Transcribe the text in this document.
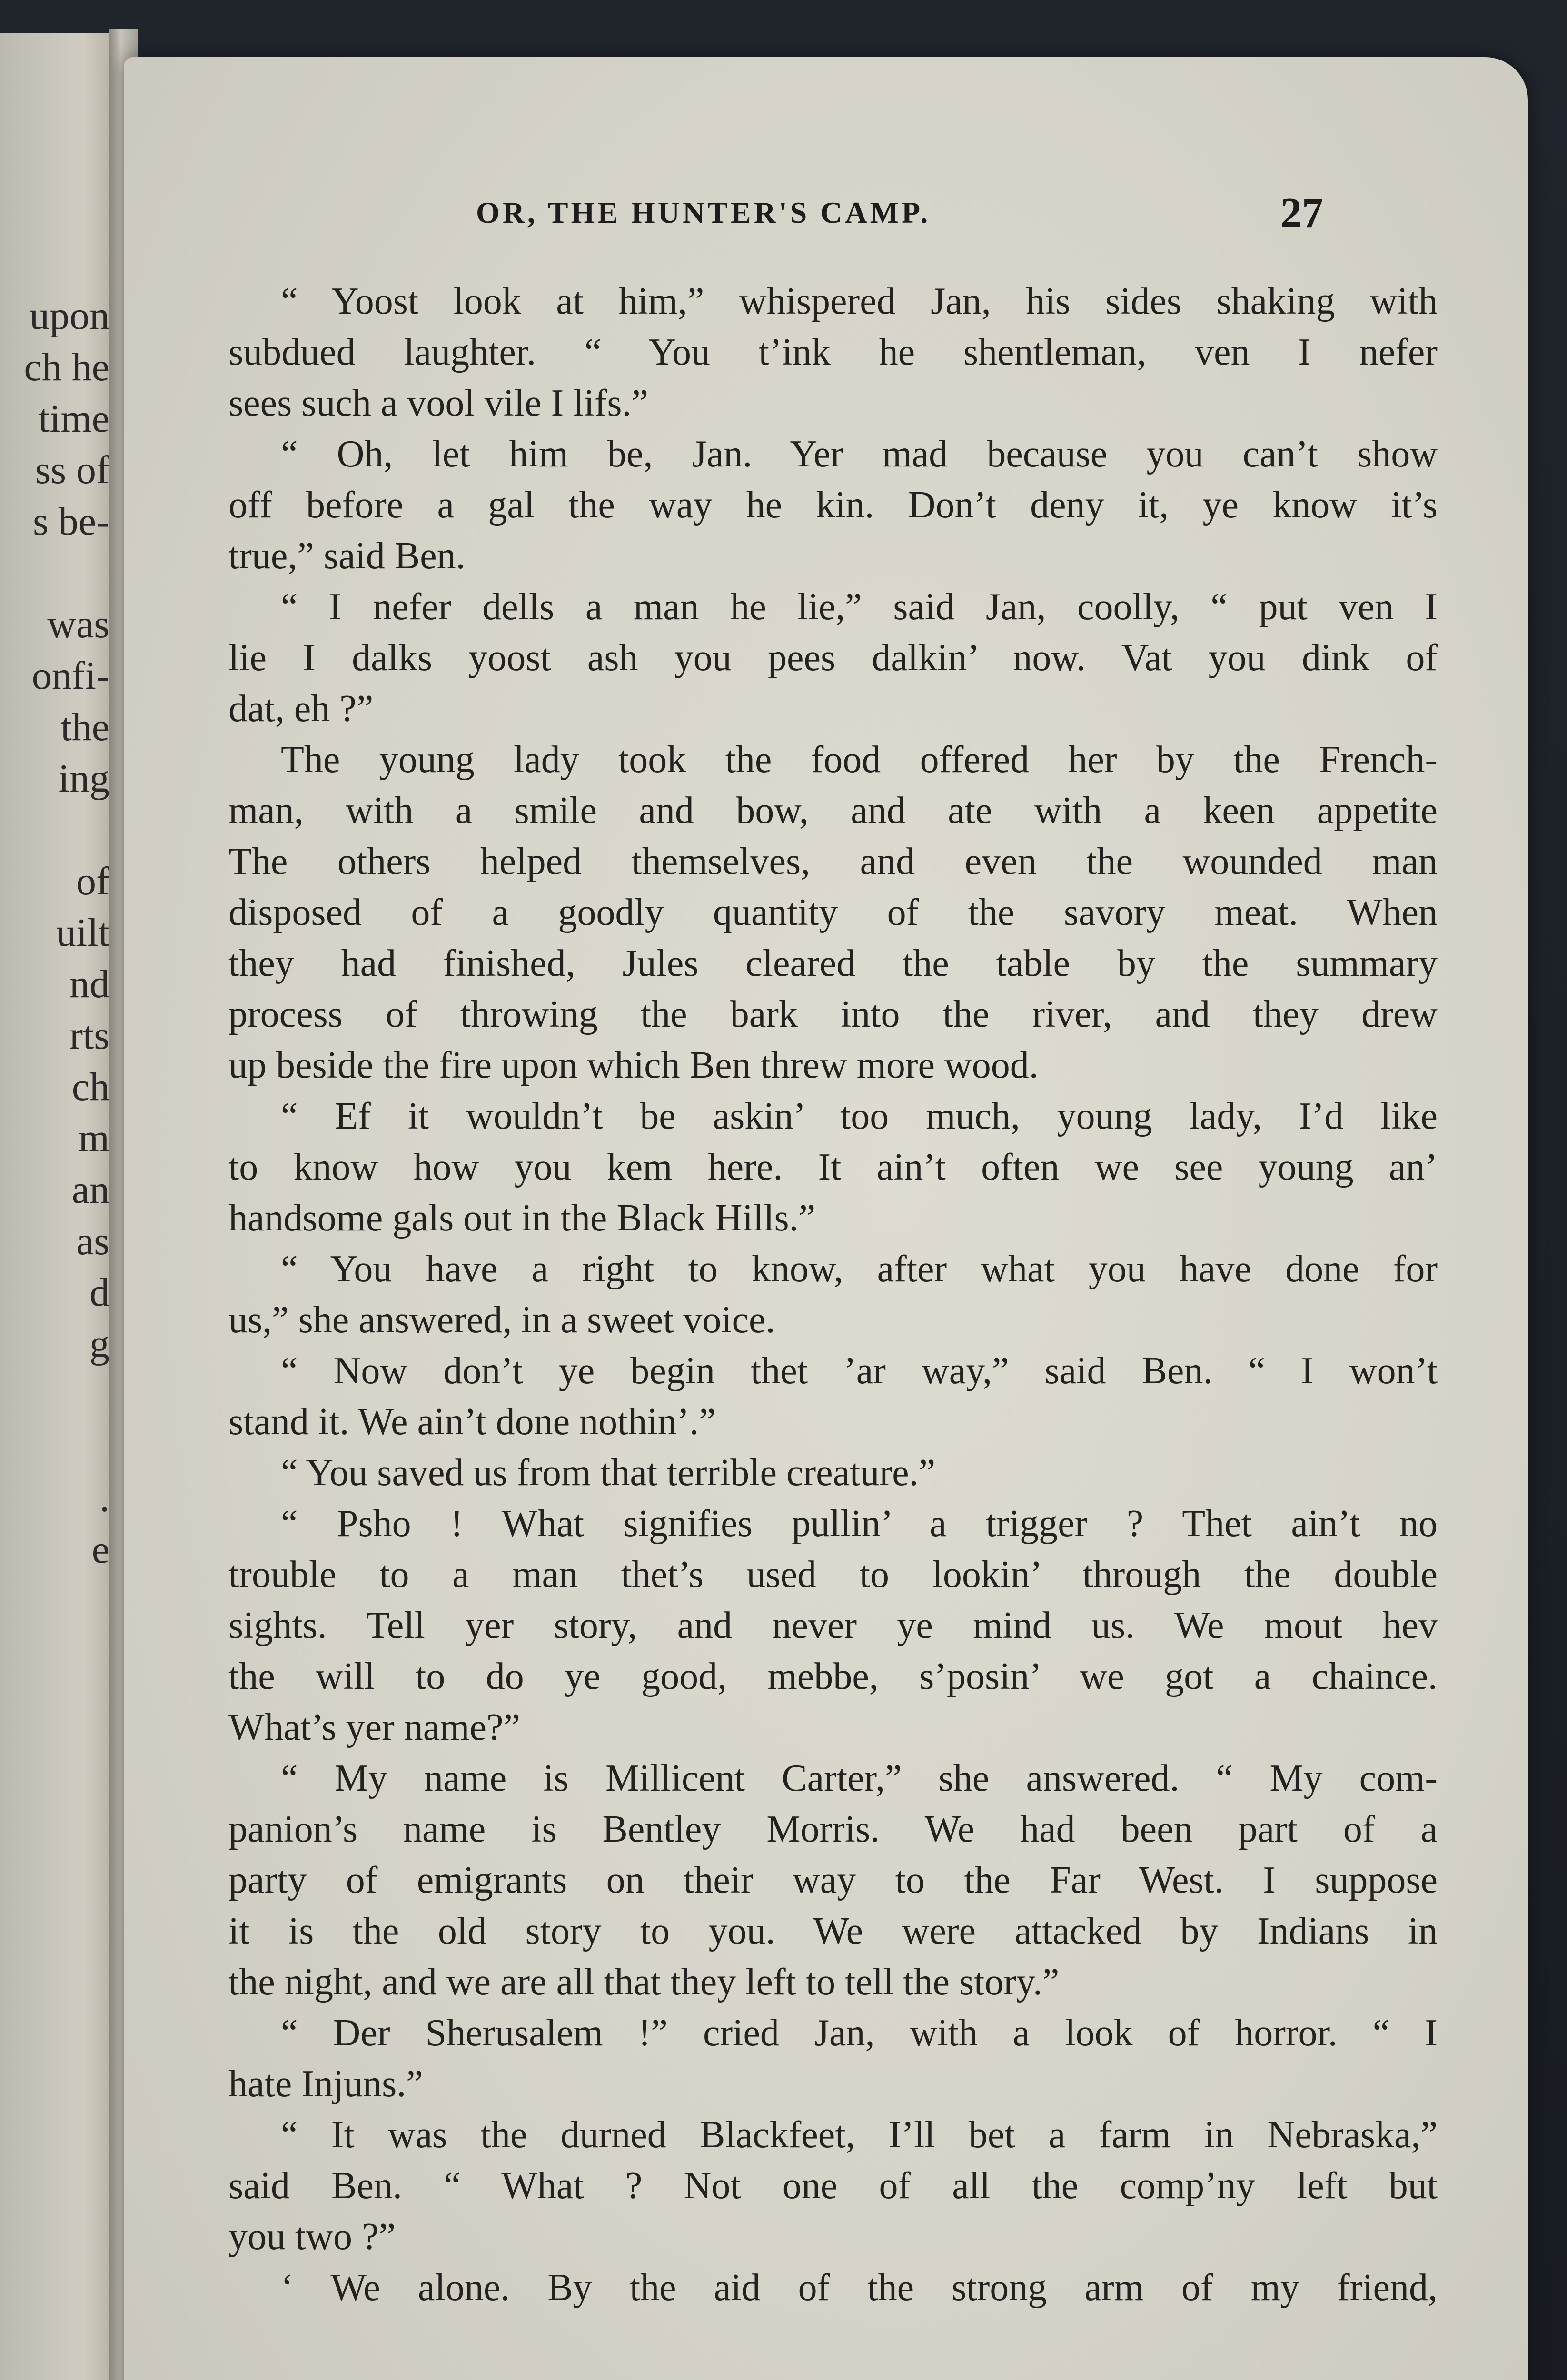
upon
ch he
time
ss of
s be-
was
onfi-
the
ing
of
uilt
nd
rts
ch
m
an
as
d
g
.
e
OR, THE HUNTER'S CAMP.	27
“ Yoost look at him,” whispered Jan, his sides shaking with
subdued laughter. “ You t’ink he shentleman, ven I nefer
sees such a vool vile I lifs.”
“ Oh, let him be, Jan. Yer mad because you can’t show
off before a gal the way he kin. Don’t deny it, ye know it’s
true,” said Ben.
“ I nefer dells a man he lie,” said Jan, coolly, “ put ven I
lie I dalks yoost ash you pees dalkin’ now. Vat you dink of
dat, eh ?”
The young lady took the food offered her by the French-
man, with a smile and bow, and ate with a keen appetite
The others helped themselves, and even the wounded man
disposed of a goodly quantity of the savory meat. When
they had finished, Jules cleared the table by the summary
process of throwing the bark into the river, and they drew
up beside the fire upon which Ben threw more wood.
“ Ef it wouldn’t be askin’ too much, young lady, I’d like
to know how you kem here. It ain’t often we see young an’
handsome gals out in the Black Hills.”
“ You have a right to know, after what you have done for
us,” she answered, in a sweet voice.
“ Now don’t ye begin thet ’ar way,” said Ben. “ I won’t
stand it. We ain’t done nothin’.”
“ You saved us from that terrible creature.”
“ Psho ! What signifies pullin’ a trigger ? Thet ain’t no
trouble to a man thet’s used to lookin’ through the double
sights. Tell yer story, and never ye mind us. We mout hev
the will to do ye good, mebbe, s’posin’ we got a chaince.
What’s yer name?”
“ My name is Millicent Carter,” she answered. “ My com-
panion’s name is Bentley Morris. We had been part of a
party of emigrants on their way to the Far West. I suppose
it is the old story to you. We were attacked by Indians in
the night, and we are all that they left to tell the story.”
“ Der Sherusalem !” cried Jan, with a look of horror. “ I
hate Injuns.”
“ It was the durned Blackfeet, I’ll bet a farm in Nebraska,”
said Ben. “ What ? Not one of all the comp’ny left but
you two ?”
‘ We alone. By the aid of the strong arm of my friend,
